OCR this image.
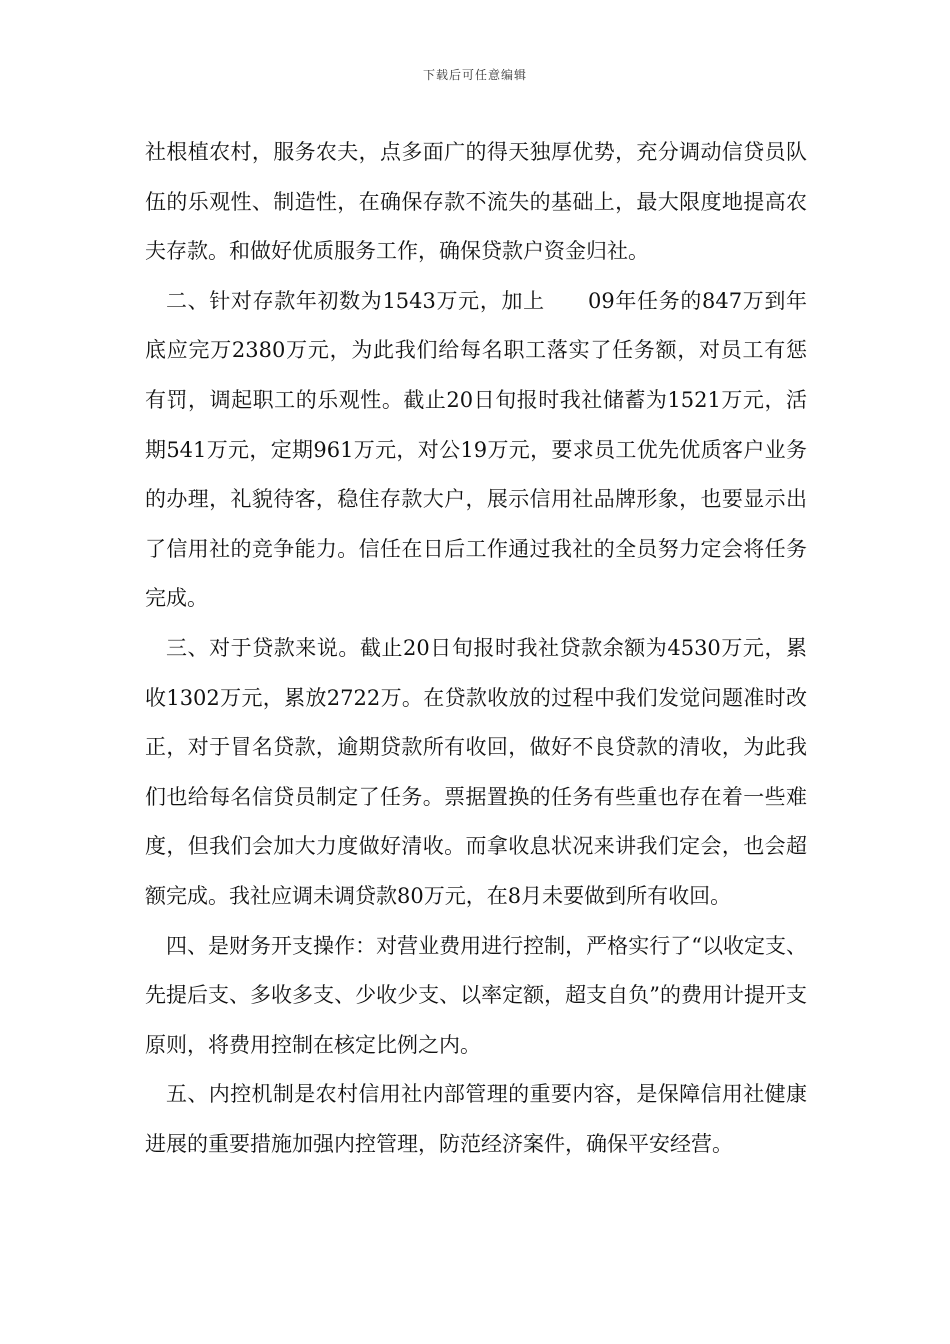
下载后可任意编辑

社根植农村，服务农夫，点多面广的得天独厚优势，充分调动信贷员队伍的乐观性、制造性，在确保存款不流失的基础上，最大限度地提高农夫存款。和做好优质服务工作，确保贷款户资金归社。

二、针对存款年初数为1543万元，加上　　09年任务的847万到年底应完万2380万元，为此我们给每名职工落实了任务额，对员工有惩有罚，调起职工的乐观性。截止20日旬报时我社储蓄为1521万元，活期541万元，定期961万元，对公19万元，要求员工优先优质客户业务的办理，礼貌待客，稳住存款大户，展示信用社品牌形象，也要显示出了信用社的竞争能力。信任在日后工作通过我社的全员努力定会将任务完成。

三、对于贷款来说。截止20日旬报时我社贷款余额为4530万元，累收1302万元，累放2722万。在贷款收放的过程中我们发觉问题准时改正，对于冒名贷款，逾期贷款所有收回，做好不良贷款的清收，为此我们也给每名信贷员制定了任务。票据置换的任务有些重也存在着一些难度，但我们会加大力度做好清收。而拿收息状况来讲我们定会，也会超额完成。我社应调未调贷款80万元，在8月未要做到所有收回。

四、是财务开支操作：对营业费用进行控制，严格实行了“以收定支、先提后支、多收多支、少收少支、以率定额，超支自负”的费用计提开支原则，将费用控制在核定比例之内。

五、内控机制是农村信用社内部管理的重要内容，是保障信用社健康进展的重要措施加强内控管理，防范经济案件，确保平安经营。
